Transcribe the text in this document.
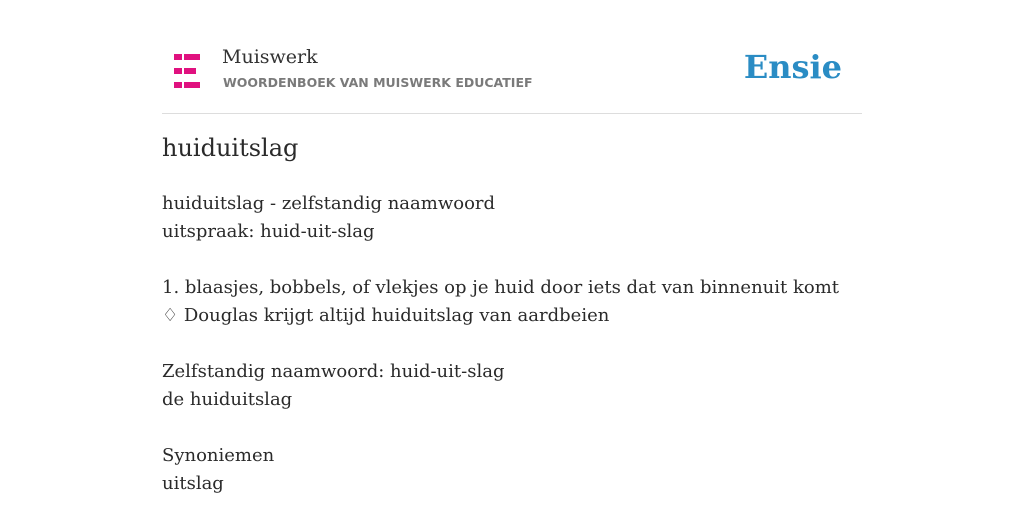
Muiswerk
WOORDENBOEK VAN MUISWERK EDUCATIEF	Ensie
huiduitslag
huiduitslag - zelfstandig naamwoord
uitspraak: huid-uit-slag
1. blaasjes, bobbels, of vlekjes op je huid door iets dat van binnenuit komt
♢ Douglas krijgt altijd huiduitslag van aardbeien
Zelfstandig naamwoord: huid-uit-slag
de huiduitslag
Synoniemen
uitslag
